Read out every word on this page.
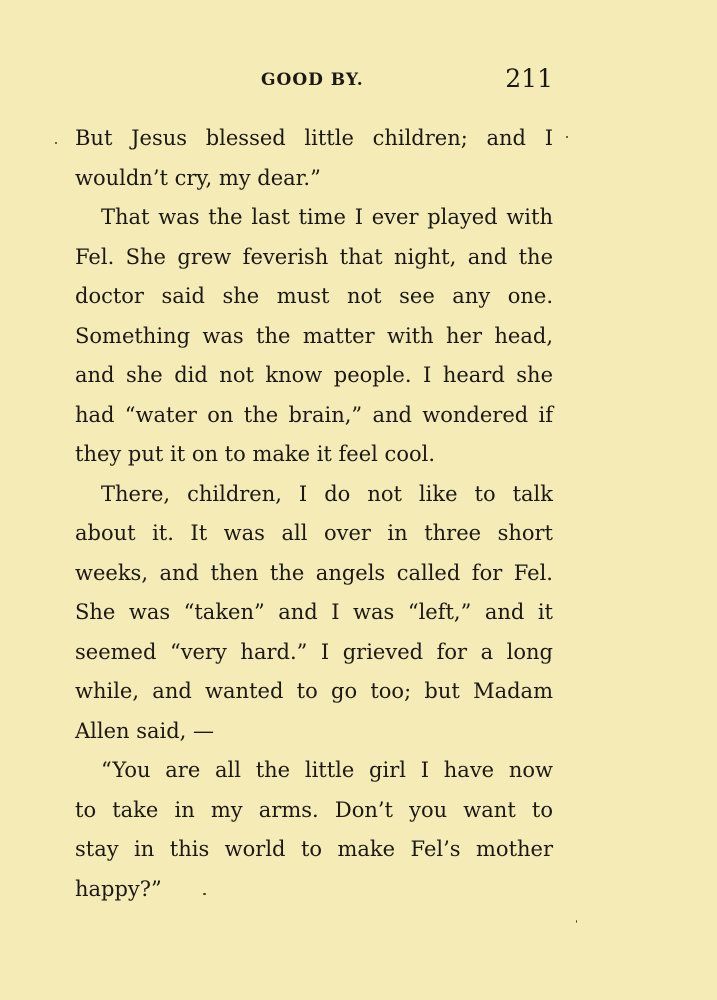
GOOD BY.	211
But Jesus blessed little children; and I
wouldn’t cry, my dear.”
That was the last time I ever played with
Fel. She grew feverish that night, and the
doctor said she must not see any one.
Something was the matter with her head,
and she did not know people. I heard she
had “water on the brain,” and wondered if
they put it on to make it feel cool.
There, children, I do not like to talk
about it. It was all over in three short
weeks, and then the angels called for Fel.
She was “taken” and I was “left,” and it
seemed “very hard.” I grieved for a long
while, and wanted to go too; but Madam
Allen said, —
“You are all the little girl I have now
to take in my arms. Don’t you want to
stay in this world to make Fel’s mother
happy?”
